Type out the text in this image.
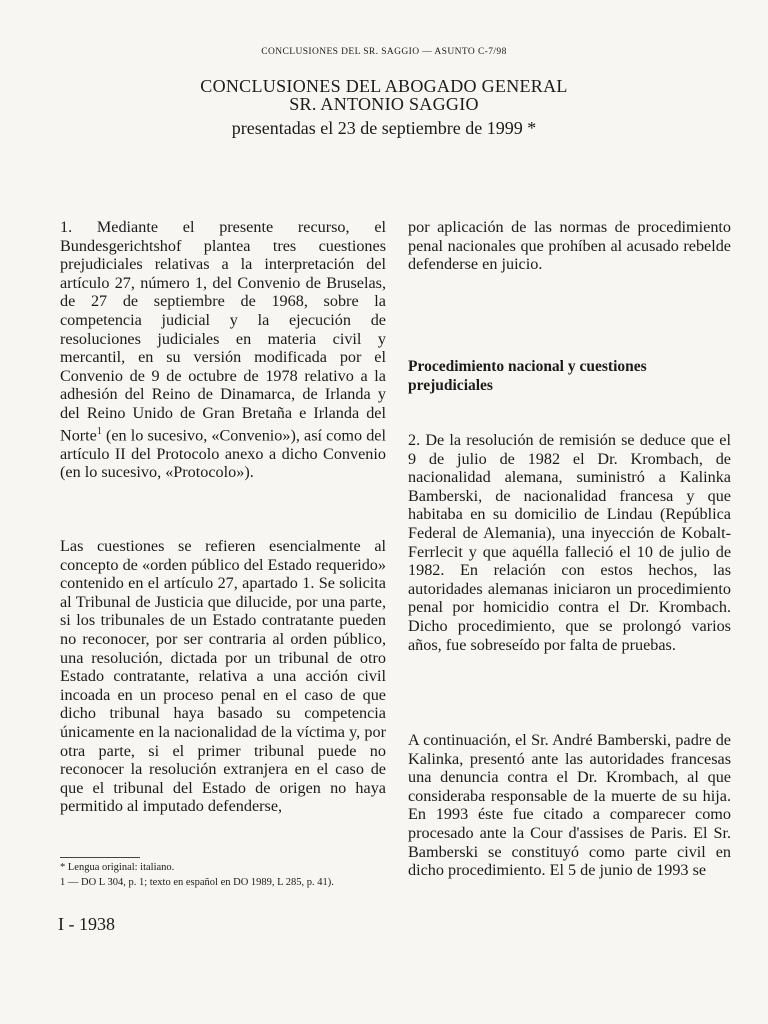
CONCLUSIONES DEL SR. SAGGIO — ASUNTO C-7/98
CONCLUSIONES DEL ABOGADO GENERAL
SR. ANTONIO SAGGIO
presentadas el 23 de septiembre de 1999 *

1. Mediante el presente recurso, el Bundesgerichtshof plantea tres cuestiones prejudiciales relativas a la interpretación del artículo 27, número 1, del Convenio de Bruselas, de 27 de septiembre de 1968, sobre la competencia judicial y la ejecución de resoluciones judiciales en materia civil y mercantil, en su versión modificada por el Convenio de 9 de octubre de 1978 relativo a la adhesión del Reino de Dinamarca, de Irlanda y del Reino Unido de Gran Bretaña e Irlanda del Norte$^1$ (en lo sucesivo, «Convenio»), así como del artículo II del Protocolo anexo a dicho Convenio (en lo sucesivo, «Protocolo»).

Las cuestiones se refieren esencialmente al concepto de «orden público del Estado requerido» contenido en el artículo 27, apartado 1. Se solicita al Tribunal de Justicia que dilucide, por una parte, si los tribunales de un Estado contratante pueden no reconocer, por ser contraria al orden público, una resolución, dictada por un tribunal de otro Estado contratante, relativa a una acción civil incoada en un proceso penal en el caso de que dicho tribunal haya basado su competencia únicamente en la nacionalidad de la víctima y, por otra parte, si el primer tribunal puede no reconocer la resolución extranjera en el caso de que el tribunal del Estado de origen no haya permitido al imputado defenderse,

por aplicación de las normas de procedimiento penal nacionales que prohíben al acusado rebelde defenderse en juicio.

Procedimiento nacional y cuestiones prejudiciales

2. De la resolución de remisión se deduce que el 9 de julio de 1982 el Dr. Krombach, de nacionalidad alemana, suministró a Kalinka Bamberski, de nacionalidad francesa y que habitaba en su domicilio de Lindau (República Federal de Alemania), una inyección de Kobalt-Ferrlecit y que aquélla falleció el 10 de julio de 1982. En relación con estos hechos, las autoridades alemanas iniciaron un procedimiento penal por homicidio contra el Dr. Krombach. Dicho procedimiento, que se prolongó varios años, fue sobreseído por falta de pruebas.

A continuación, el Sr. André Bamberski, padre de Kalinka, presentó ante las autoridades francesas una denuncia contra el Dr. Krombach, al que consideraba responsable de la muerte de su hija. En 1993 éste fue citado a comparecer como procesado ante la Cour d'assises de Paris. El Sr. Bamberski se constituyó como parte civil en dicho procedimiento. El 5 de junio de 1993 se

* Lengua original: italiano.
1 — DO L 304, p. 1; texto en español en DO 1989, L 285, p. 41).
I - 1938
